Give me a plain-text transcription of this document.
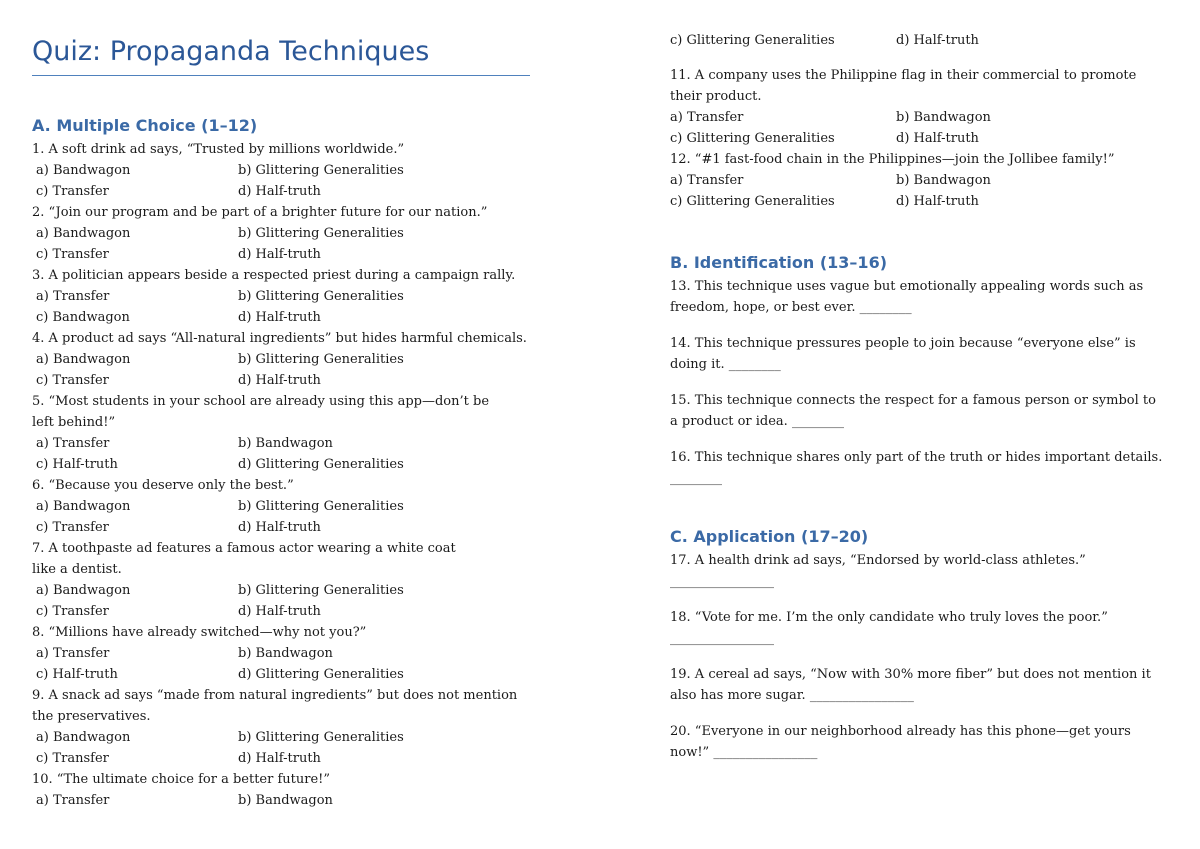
Quiz: Propaganda Techniques
A. Multiple Choice (1–12)
B. Identification (13–16)
C. Application (17–20)
1. A soft drink ad says, “Trusted by millions worldwide.”
a) Bandwagon	b) Glittering Generalities
c) Transfer	d) Half-truth
2. “Join our program and be part of a brighter future for our nation.”
a) Bandwagon	b) Glittering Generalities
c) Transfer	d) Half-truth
3. A politician appears beside a respected priest during a campaign rally.
a) Transfer	b) Glittering Generalities
c) Bandwagon	d) Half-truth
4. A product ad says “All-natural ingredients” but hides harmful chemicals.
a) Bandwagon	b) Glittering Generalities
c) Transfer	d) Half-truth
5. “Most students in your school are already using this app—don’t be
left behind!”
a) Transfer	b) Bandwagon
c) Half-truth	d) Glittering Generalities
6. “Because you deserve only the best.”
a) Bandwagon	b) Glittering Generalities
c) Transfer	d) Half-truth
7. A toothpaste ad features a famous actor wearing a white coat
like a dentist.
a) Bandwagon	b) Glittering Generalities
c) Transfer	d) Half-truth
8. “Millions have already switched—why not you?”
a) Transfer	b) Bandwagon
c) Half-truth	d) Glittering Generalities
9. A snack ad says “made from natural ingredients” but does not mention
the preservatives.
a) Bandwagon	b) Glittering Generalities
c) Transfer	d) Half-truth
10. “The ultimate choice for a better future!”
a) Transfer	b) Bandwagon
c) Glittering Generalities	d) Half-truth
11. A company uses the Philippine flag in their commercial to promote
their product.
a) Transfer	b) Bandwagon
c) Glittering Generalities	d) Half-truth
12. “#1 fast-food chain in the Philippines—join the Jollibee family!”
a) Transfer	b) Bandwagon
c) Glittering Generalities	d) Half-truth
13. This technique uses vague but emotionally appealing words such as
freedom, hope, or best ever. ________
14. This technique pressures people to join because “everyone else” is
doing it. ________
15. This technique connects the respect for a famous person or symbol to
a product or idea. ________
16. This technique shares only part of the truth or hides important details.
________
17. A health drink ad says, “Endorsed by world-class athletes.”
________________
18. “Vote for me. I’m the only candidate who truly loves the poor.”
________________
19. A cereal ad says, “Now with 30% more fiber” but does not mention it
also has more sugar. ________________
20. “Everyone in our neighborhood already has this phone—get yours
now!” ________________
